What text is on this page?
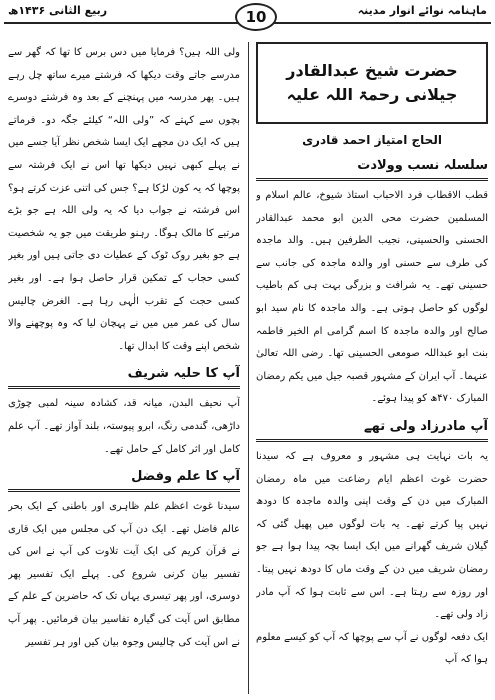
ربیع الثانی ۱۴۳۶ھ	10	ماہنامہ نوائے انوار مدینہ
حضرت شیخ عبدالقادر جیلانی رحمۃ اللہ علیہ
الحاج امتیاز احمد قادری
سلسلہ نسب وولادت

قطب الاقطاب فرد الاحباب استاذ شیوخ، عالم اسلام و المسلمین حضرت محی الدین ابو محمد عبدالقادر الحسنی والحسینی، نجیب الطرفین ہیں۔ والد ماجدہ کی طرف سے حسنی اور والدہ ماجدہ کی جانب سے حسینی تھے۔ یہ شرافت و بزرگی بہت ہی کم باطیب لوگوں کو حاصل ہوتی ہے۔ والد ماجدہ کا نام سید ابو صالح اور والدہ ماجدہ کا اسم گرامی ام الخیر فاطمہ بنت ابو عبداللہ صومعی الحسینی تھا۔ رضی اللہ تعالیٰ عنہما۔ آپ ایران کے مشہور قصبہ جیل میں یکم رمضان المبارک ۴۷۰ھ کو پیدا ہوئے۔

آپ مادرزاد ولی تھے

یہ بات نہایت ہی مشہور و معروف ہے کہ سیدنا حضرت غوث اعظم ایام رضاعت میں ماہ رمضان المبارک میں دن کے وقت اپنی والدہ ماجدہ کا دودھ نہیں پیا کرتے تھے۔ یہ بات لوگوں میں پھیل گئی کہ گیلان شریف گھرانے میں ایک ایسا بچہ پیدا ہوا ہے جو رمضان شریف میں دن کے وقت ماں کا دودھ نہیں پیتا۔ اور روزہ سے رہتا ہے۔ اس سے ثابت ہوا کہ آپ مادر زاد ولی تھے۔

ایک دفعہ لوگوں نے آپ سے پوچھا کہ آپ کو کیسے معلوم ہوا کہ آپ

ولی اللہ ہیں؟ فرمایا میں دس برس کا تھا کہ گھر سے مدرسے جاتے وقت دیکھا کہ فرشتے میرے ساتھ چل رہے ہیں۔ پھر مدرسہ میں پہنچنے کے بعد وہ فرشتے دوسرے بچوں سے کہتے کہ ”ولی اللہ“ کیلئے جگہ دو۔ فرماتے ہیں کہ ایک دن مجھے ایک ایسا شخص نظر آیا جسے میں نے پہلے کبھی نہیں دیکھا تھا اس نے ایک فرشتہ سے پوچھا کہ یہ کون لڑکا ہے؟ جس کی اتنی عزت کرتے ہو؟ اس فرشتہ نے جواب دیا کہ یہ ولی اللہ ہے جو بڑے مرتبے کا مالک ہوگا۔ رہنو طریقت میں جو یہ شخصیت ہے جو بغیر روک ٹوک کے عطیات دی جاتی ہیں اور بغیر کسی حجاب کے تمکین قرار حاصل ہوا ہے۔ اور بغیر کسی حجت کے تقرب الٰہی رہا ہے۔ الغرض چالیس سال کی عمر میں میں نے پہچان لیا کہ وہ پوچھنے والا شخص اپنے وقت کا ابدال تھا۔

آپ کا حلیہ شریف

آپ نحیف البدن، میانہ قد، کشادہ سینہ لمبی چوڑی داڑھی، گندمی رنگ، ابرو پیوستہ، بلند آواز تھے۔ آپ علم کامل اور اثر کامل کے حامل تھے۔

آپ کا علم وفضل

سیدنا غوث اعظم علم ظاہری اور باطنی کے ایک بحر عالم فاضل تھے۔ ایک دن آپ کی مجلس میں ایک قاری نے قرآن کریم کی ایک آیت تلاوت کی آپ نے اس کی تفسیر بیان کرنی شروع کی۔ پہلے ایک تفسیر پھر دوسری، اور پھر تیسری یہاں تک کہ حاضرین کے علم کے مطابق اس آیت کی گیارہ تفاسیر بیان فرمائیں۔ پھر آپ نے اس آیت کی چالیس وجوہ بیان کیں اور ہر تفسیر
